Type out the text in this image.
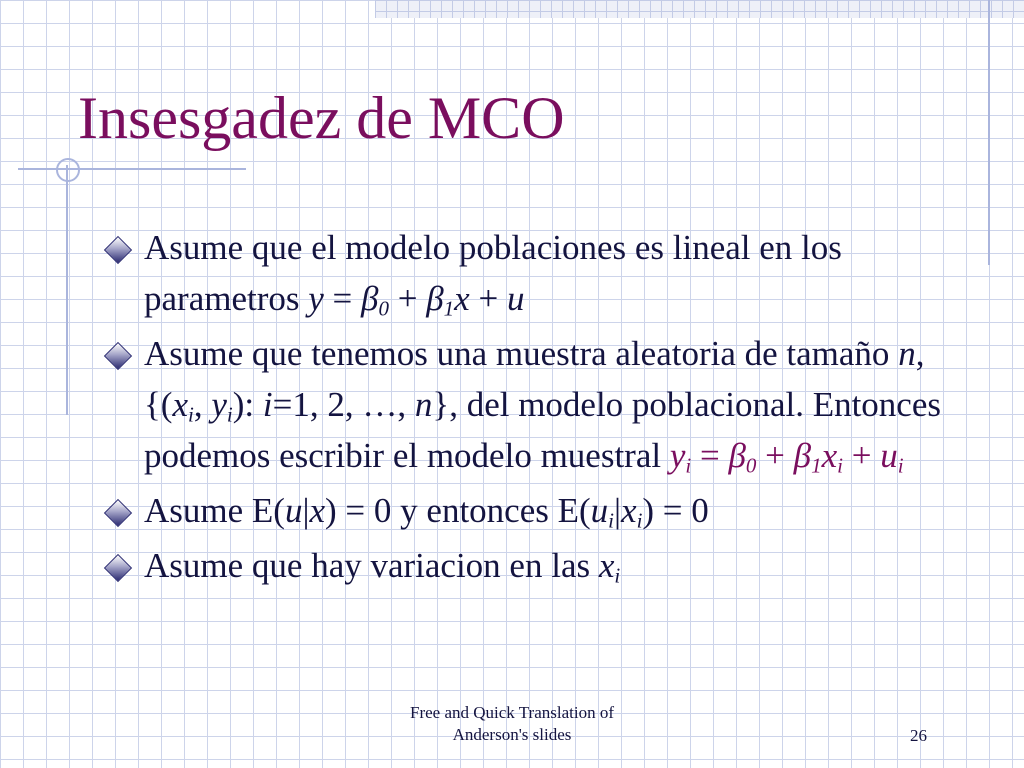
Insesgadez de MCO
Asume que el modelo poblaciones es lineal en los parametros $y = \beta_0 + \beta_1x + u$
Asume que tenemos una muestra aleatoria de tamaño n, {($x_i$, $y_i$): i=1, 2, …, n}, del modelo poblacional. Entonces podemos escribir el modelo muestral $y_i = \beta_0 + \beta_1x_i + u_i$
Asume E(u|x) = 0 y entonces $E(u_i|x_i) = 0$
Asume que hay variacion en las $x_i$
Free and Quick Translation of
Anderson's slides	26
